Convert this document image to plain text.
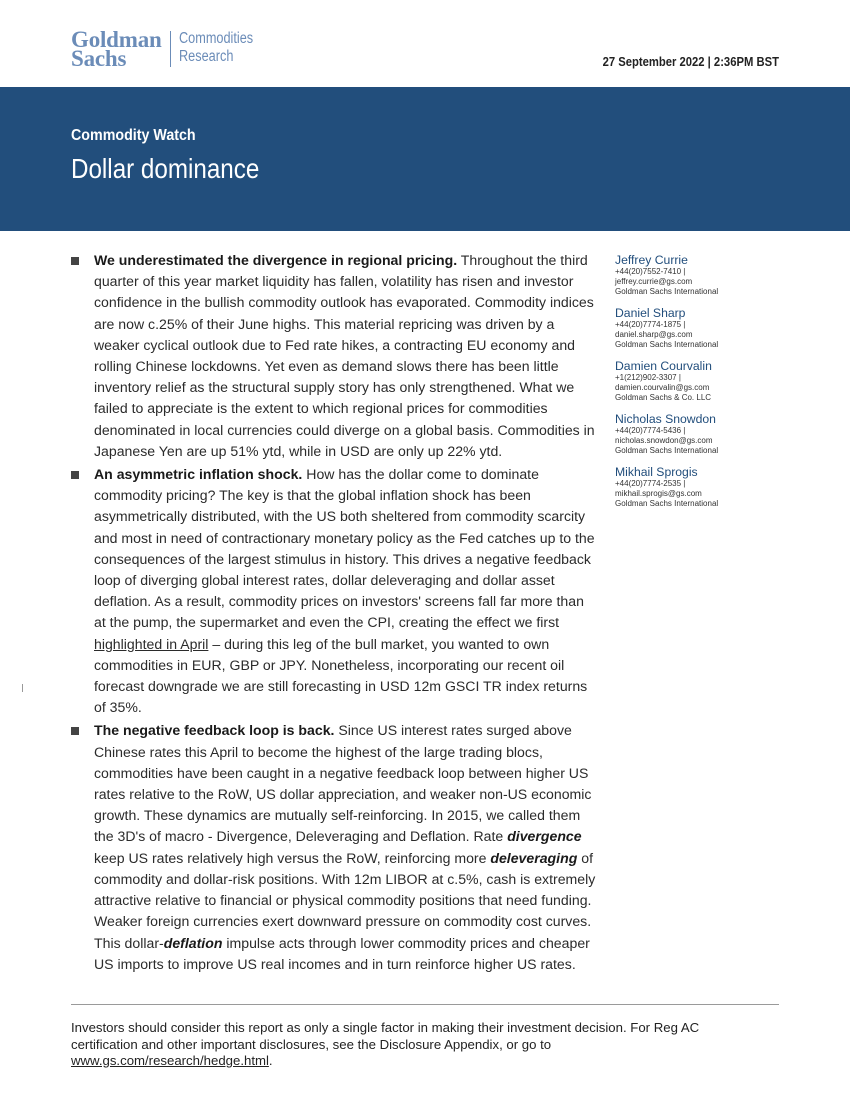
Goldman
Sachs
Commodities
Research	27 September 2022 | 2:36PM BST
Commodity Watch
Dollar dominance
We underestimated the divergence in regional pricing. Throughout the third
quarter of this year market liquidity has fallen, volatility has risen and investor
confidence in the bullish commodity outlook has evaporated. Commodity indices
are now c.25% of their June highs. This material repricing was driven by a
weaker cyclical outlook due to Fed rate hikes, a contracting EU economy and
rolling Chinese lockdowns. Yet even as demand slows there has been little
inventory relief as the structural supply story has only strengthened. What we
failed to appreciate is the extent to which regional prices for commodities
denominated in local currencies could diverge on a global basis. Commodities in
Japanese Yen are up 51% ytd, while in USD are only up 22% ytd.
An asymmetric inflation shock. How has the dollar come to dominate
commodity pricing? The key is that the global inflation shock has been
asymmetrically distributed, with the US both sheltered from commodity scarcity
and most in need of contractionary monetary policy as the Fed catches up to the
consequences of the largest stimulus in history. This drives a negative feedback
loop of diverging global interest rates, dollar deleveraging and dollar asset
deflation. As a result, commodity prices on investors' screens fall far more than
at the pump, the supermarket and even the CPI, creating the effect we first
highlighted in April – during this leg of the bull market, you wanted to own
commodities in EUR, GBP or JPY. Nonetheless, incorporating our recent oil
forecast downgrade we are still forecasting in USD 12m GSCI TR index returns
of 35%.
The negative feedback loop is back. Since US interest rates surged above
Chinese rates this April to become the highest of the large trading blocs,
commodities have been caught in a negative feedback loop between higher US
rates relative to the RoW, US dollar appreciation, and weaker non-US economic
growth. These dynamics are mutually self-reinforcing. In 2015, we called them
the 3D's of macro - Divergence, Deleveraging and Deflation. Rate divergence
keep US rates relatively high versus the RoW, reinforcing more deleveraging of
commodity and dollar-risk positions. With 12m LIBOR at c.5%, cash is extremely
attractive relative to financial or physical commodity positions that need funding.
Weaker foreign currencies exert downward pressure on commodity cost curves.
This dollar-deflation impulse acts through lower commodity prices and cheaper
US imports to improve US real incomes and in turn reinforce higher US rates.
Jeffrey Currie
+44(20)7552-7410 |
jeffrey.currie@gs.com
Goldman Sachs International
Daniel Sharp
+44(20)7774-1875 |
daniel.sharp@gs.com
Goldman Sachs International
Damien Courvalin
+1(212)902-3307 |
damien.courvalin@gs.com
Goldman Sachs & Co. LLC
Nicholas Snowdon
+44(20)7774-5436 |
nicholas.snowdon@gs.com
Goldman Sachs International
Mikhail Sprogis
+44(20)7774-2535 |
mikhail.sprogis@gs.com
Goldman Sachs International
Investors should consider this report as only a single factor in making their investment decision. For Reg AC
certification and other important disclosures, see the Disclosure Appendix, or go to
www.gs.com/research/hedge.html.
